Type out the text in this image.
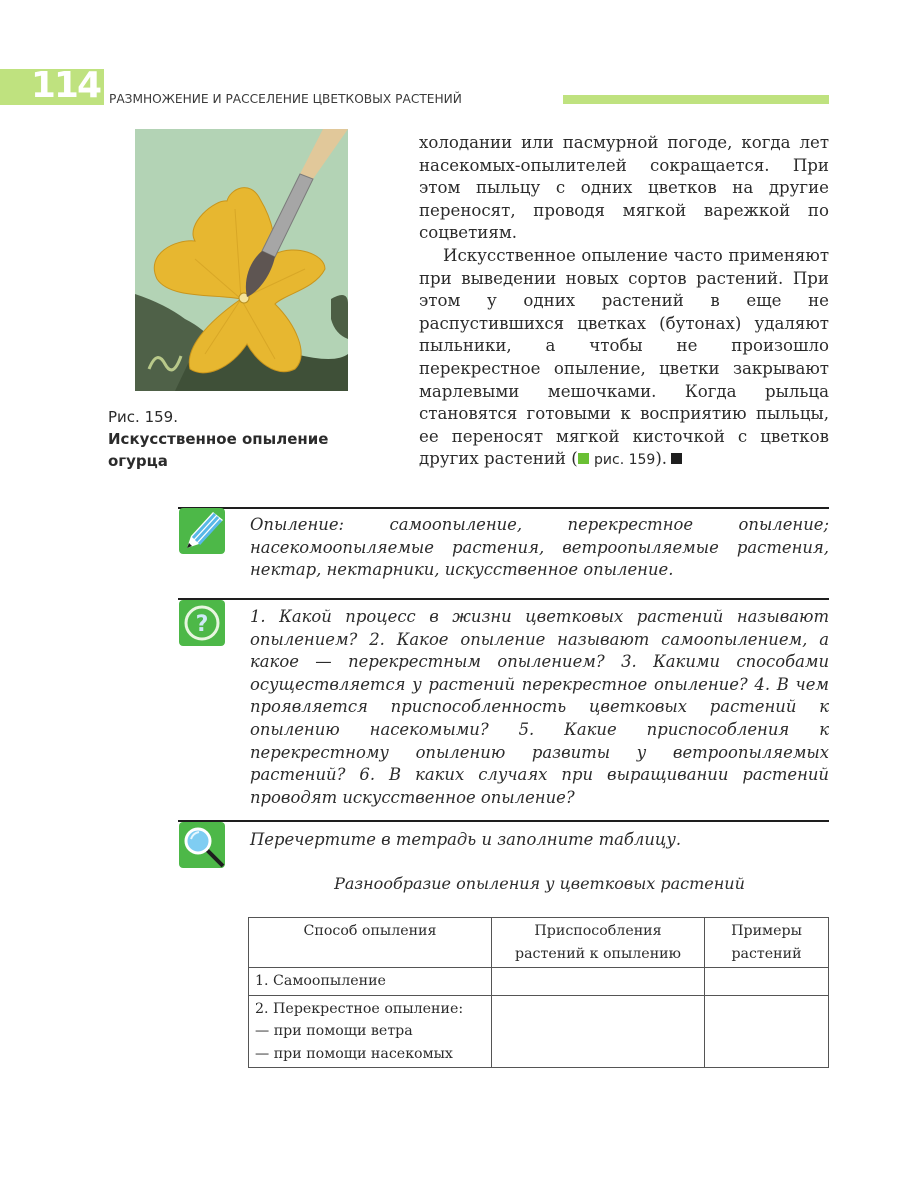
114 РАЗМНОЖЕНИЕ И РАССЕЛЕНИЕ ЦВЕТКОВЫХ РАСТЕНИЙ
Рис. 159.
Искусственное опыление огурца

холодании или пасмурной погоде, когда лет насекомых-опылителей сокращается. При этом пыльцу с одних цветков на другие переносят, проводя мягкой варежкой по соцветиям.

Искусственное опыление часто применяют при выведении новых сортов растений. При этом у одних растений в еще не распустившихся цветках (бутонах) удаляют пыльники, а чтобы не произошло перекрестное опыление, цветки закрывают марлевыми мешочками. Когда рыльца становятся готовыми к восприятию пыльцы, ее переносят мягкой кисточкой с цветков других растений ( рис. 159).

Опыление: самоопыление, перекрестное опыление; насекомоопыляемые растения, ветроопыляемые растения, нектар, нектарники, искусственное опыление.
?	1. Какой процесс в жизни цветковых растений называют опылением? 2. Какое опыление называют самоопылением, а какое — перекрестным опылением? 3. Какими способами осуществляется у растений перекрестное опыление? 4. В чем проявляется приспособленность цветковых растений к опылению насекомыми? 5. Какие приспособления к перекрестному опылению развиты у ветроопыляемых растений? 6. В каких случаях при выращивании растений проводят искусственное опыление?
Перечертите в тетрадь и заполните таблицу.
Разнообразие опыления у цветковых растений
Способ опыления	Приспособления растений к опылению	Примеры растений

1. Самоопыление		

2. Перекрестное опыление:
— при помощи ветра
— при помощи насекомых		
